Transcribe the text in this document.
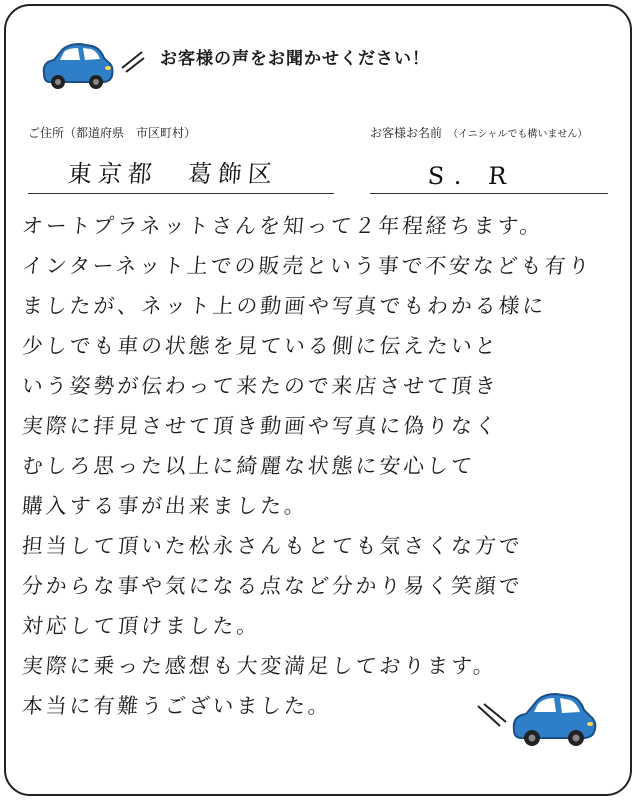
お客様の声をお聞かせください！
ご住所（都道府県　市区町村）	お客様お名前 （イニシャルでも構いません）
東京都　葛飾区	S．R
オートプラネットさんを知って２年程経ちます。
インターネット上での販売という事で不安なども有り
ましたが、ネット上の動画や写真でもわかる様に
少しでも車の状態を見ている側に伝えたいと
いう姿勢が伝わって来たので来店させて頂き
実際に拝見させて頂き動画や写真に偽りなく
むしろ思った以上に綺麗な状態に安心して
購入する事が出来ました。
担当して頂いた松永さんもとても気さくな方で
分からな事や気になる点など分かり易く笑顔で
対応して頂けました。
実際に乗った感想も大変満足しております。
本当に有難うございました。
